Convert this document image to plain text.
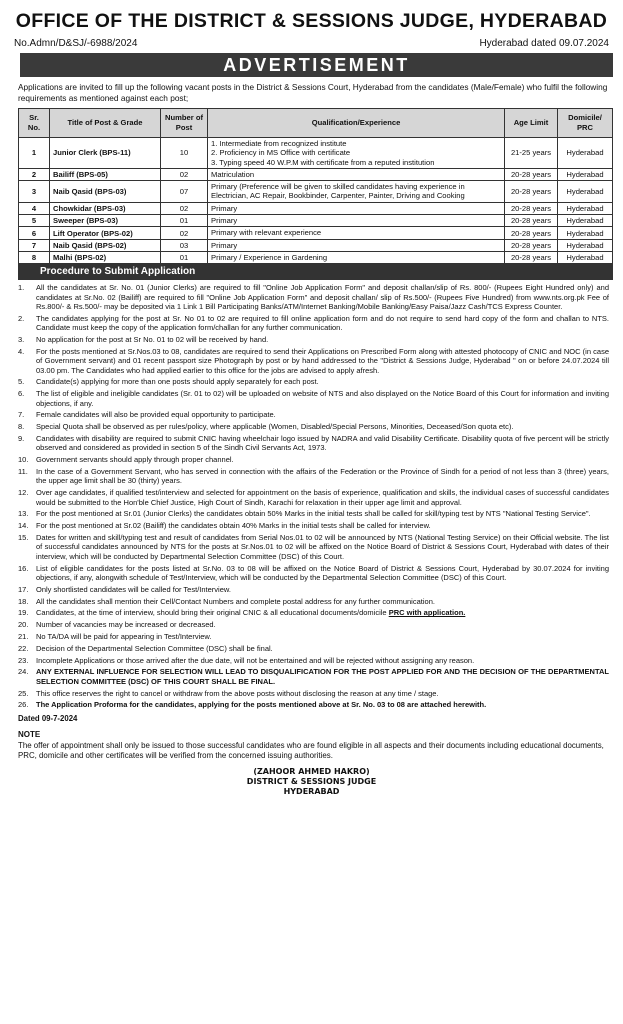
OFFICE OF THE DISTRICT & SESSIONS JUDGE, HYDERABAD
No.Admn/D&SJ/-6988/2024	Hyderabad dated 09.07.2024
ADVERTISEMENT
Applications are invited to fill up the following vacant posts in the District & Sessions Court, Hyderabad from the candidates (Male/Female) who fulfil the following requirements as mentioned against each post;
Sr. No.	Title of Post & Grade	Number of Post	Qualification/Experience	Age Limit	Domicile/ PRC
1	Junior Clerk (BPS-11)	10	1. Intermediate from recognized institute
2. Proficiency in MS Office with certificate
3. Typing speed 40 W.P.M with certificate from a reputed institution	21-25 years	Hyderabad
2	Bailiff (BPS-05)	02	Matriculation	20-28 years	Hyderabad
3	Naib Qasid (BPS-03)	07	Primary (Preference will be given to skilled candidates having experience in Electrician, AC Repair, Bookbinder, Carpenter, Painter, Driving and Cooking	20-28 years	Hyderabad
4	Chowkidar (BPS-03)	02	Primary	20-28 years	Hyderabad
5	Sweeper (BPS-03)	01	Primary	20-28 years	Hyderabad
6	Lift Operator (BPS-02)	02	Primary with relevant experience	20-28 years	Hyderabad
7	Naib Qasid (BPS-02)	03	Primary	20-28 years	Hyderabad
8	Malhi (BPS-02)	01	Primary / Experience in Gardening	20-28 years	Hyderabad
Procedure to Submit Application
1.	All the candidates at Sr. No. 01 (Junior Clerks) are required to fill "Online Job Application Form" and deposit challan/slip of Rs. 800/- (Rupees Eight Hundred only) and candidates at Sr.No. 02 (Bailiff) are required to fill "Online Job Application Form" and deposit challan/ slip of Rs.500/- (Rupees Five Hundred) from www.nts.org.pk Fee of Rs.800/- & Rs.500/- may be deposited via 1 Link 1 Bill Participating Banks/ATM/Internet Banking/Mobile Banking/Easy Paisa/Jazz Cash/TCS Express Counter.
2.	The candidates applying for the post at Sr. No 01 to 02 are required to fill online application form and do not require to send hard copy of the form and challan to NTS. Candidate must keep the copy of the application form/challan for any further communication.
3.	No application for the post at Sr No. 01 to 02 will be received by hand.
4.	For the posts mentioned at Sr.Nos.03 to 08, candidates are required to send their Applications on Prescribed Form along with attested photocopy of CNIC and NOC (in case of Government servant) and 01 recent passport size Photograph by post or by hand addressed to the "District & Sessions Judge, Hyderabad " on or before 24.07.2024 till 03.00 pm. The Candidates who had applied earlier to this office for the jobs are advised to apply afresh.
5.	Candidate(s) applying for more than one posts should apply separately for each post.
6.	The list of eligible and ineligible candidates (Sr. 01 to 02) will be uploaded on website of NTS and also displayed on the Notice Board of this Court for information and inviting objections, if any.
7.	Female candidates will also be provided equal opportunity to participate.
8.	Special Quota shall be observed as per rules/policy, where applicable (Women, Disabled/Special Persons, Minorities, Deceased/Son quota etc).
9.	Candidates with disability are required to submit CNIC having wheelchair logo issued by NADRA and valid Disability Certificate. Disability quota of five percent will be strictly observed and considered as provided in section 5 of the Sindh Civil Servants Act, 1973.
10.	Government servants should apply through proper channel.
11.	In the case of a Government Servant, who has served in connection with the affairs of the Federation or the Province of Sindh for a period of not less than 3 (three) years, the upper age limit shall be 30 (thirty) years.
12.	Over age candidates, if qualified test/interview and selected for appointment on the basis of experience, qualification and skills, the individual cases of successful candidates would be submitted to the Hon'ble Chief Justice, High Court of Sindh, Karachi for relaxation in their upper age limit and approval.
13.	For the post mentioned at Sr.01 (Junior Clerks) the candidates obtain 50% Marks in the initial tests shall be called for skill/typing test by NTS "National Testing Service".
14.	For the post mentioned at Sr.02 (Bailiff) the candidates obtain 40% Marks in the initial tests shall be called for interview.
15.	Dates for written and skill/typing test and result of candidates from Serial Nos.01 to 02 will be announced by NTS (National Testing Service) on their Official website. The list of successful candidates announced by NTS for the posts at Sr.Nos.01 to 02 will be affixed on the Notice Board of District & Sessions Court, Hyderabad with dates of their interview, which will be conducted by Departmental Selection Committee (DSC) of this Court.
16.	List of eligible candidates for the posts listed at Sr.No. 03 to 08 will be affixed on the Notice Board of District & Sessions Court, Hyderabad by 30.07.2024 for inviting objections, if any, alongwith schedule of Test/Interview, which will be conducted by the Departmental Selection Committee (DSC) of this Court.
17.	Only shortlisted candidates will be called for Test/Interview.
18.	All the candidates shall mention their Cell/Contact Numbers and complete postal address for any further communication.
19.	Candidates, at the time of interview, should bring their original CNIC & all educational documents/domicile PRC with application.
20.	Number of vacancies may be increased or decreased.
21.	No TA/DA will be paid for appearing in Test/Interview.
22.	Decision of the Departmental Selection Committee (DSC) shall be final.
23.	Incomplete Applications or those arrived after the due date, will not be entertained and will be rejected without assigning any reason.
24.	ANY EXTERNAL INFLUENCE FOR SELECTION WILL LEAD TO DISQUALIFICATION FOR THE POST APPLIED FOR AND THE DECISION OF THE DEPARTMENTAL SELECTION COMMITTEE (DSC) OF THIS COURT SHALL BE FINAL.
25.	This office reserves the right to cancel or withdraw from the above posts without disclosing the reason at any time / stage.
26.	The Application Proforma for the candidates, applying for the posts mentioned above at Sr. No. 03 to 08 are attached herewith.
Dated 09-7-2024
NOTE
The offer of appointment shall only be issued to those successful candidates who are found eligible in all aspects and their documents including educational documents, PRC, domicile and other certificates will be verified from the concerned issuing authorities.
(ZAHOOR AHMED HAKRO)
DISTRICT & SESSIONS JUDGE
HYDERABAD
